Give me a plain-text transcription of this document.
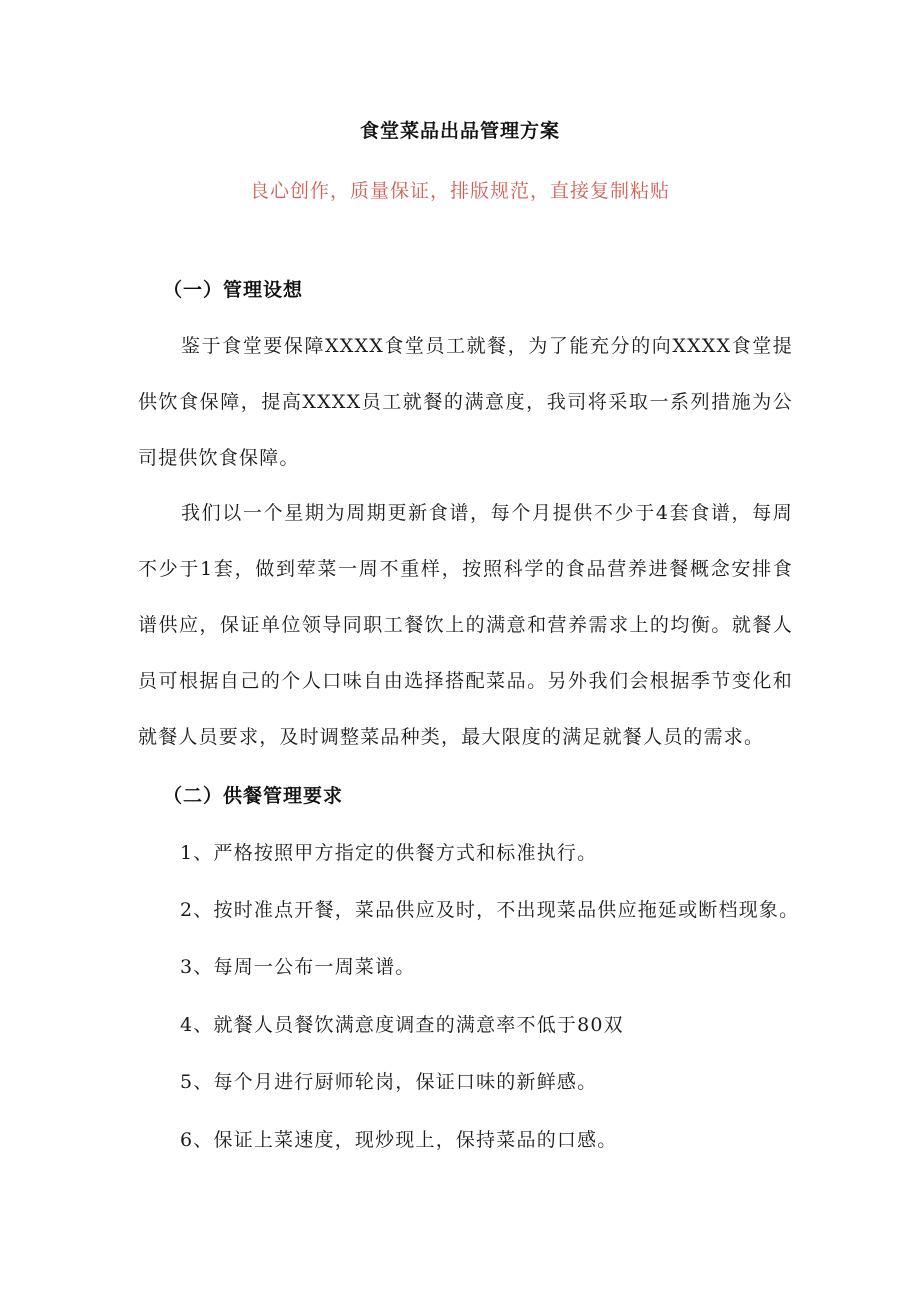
食堂菜品出品管理方案
良心创作，质量保证，排版规范，直接复制粘贴
（一）管理设想

鉴于食堂要保障XXXX食堂员工就餐，为了能充分的向XXXX食堂提供饮食保障，提高XXXX员工就餐的满意度，我司将采取一系列措施为公司提供饮食保障。

我们以一个星期为周期更新食谱，每个月提供不少于4套食谱，每周不少于1套，做到荤菜一周不重样，按照科学的食品营养进餐概念安排食谱供应，保证单位领导同职工餐饮上的满意和营养需求上的均衡。就餐人员可根据自己的个人口味自由选择搭配菜品。另外我们会根据季节变化和就餐人员要求，及时调整菜品种类，最大限度的满足就餐人员的需求。

（二）供餐管理要求
1、严格按照甲方指定的供餐方式和标准执行。
2、按时准点开餐，菜品供应及时，不出现菜品供应拖延或断档现象。
3、每周一公布一周菜谱。
4、就餐人员餐饮满意度调查的满意率不低于80双
5、每个月进行厨师轮岗，保证口味的新鲜感。
6、保证上菜速度，现炒现上，保持菜品的口感。
